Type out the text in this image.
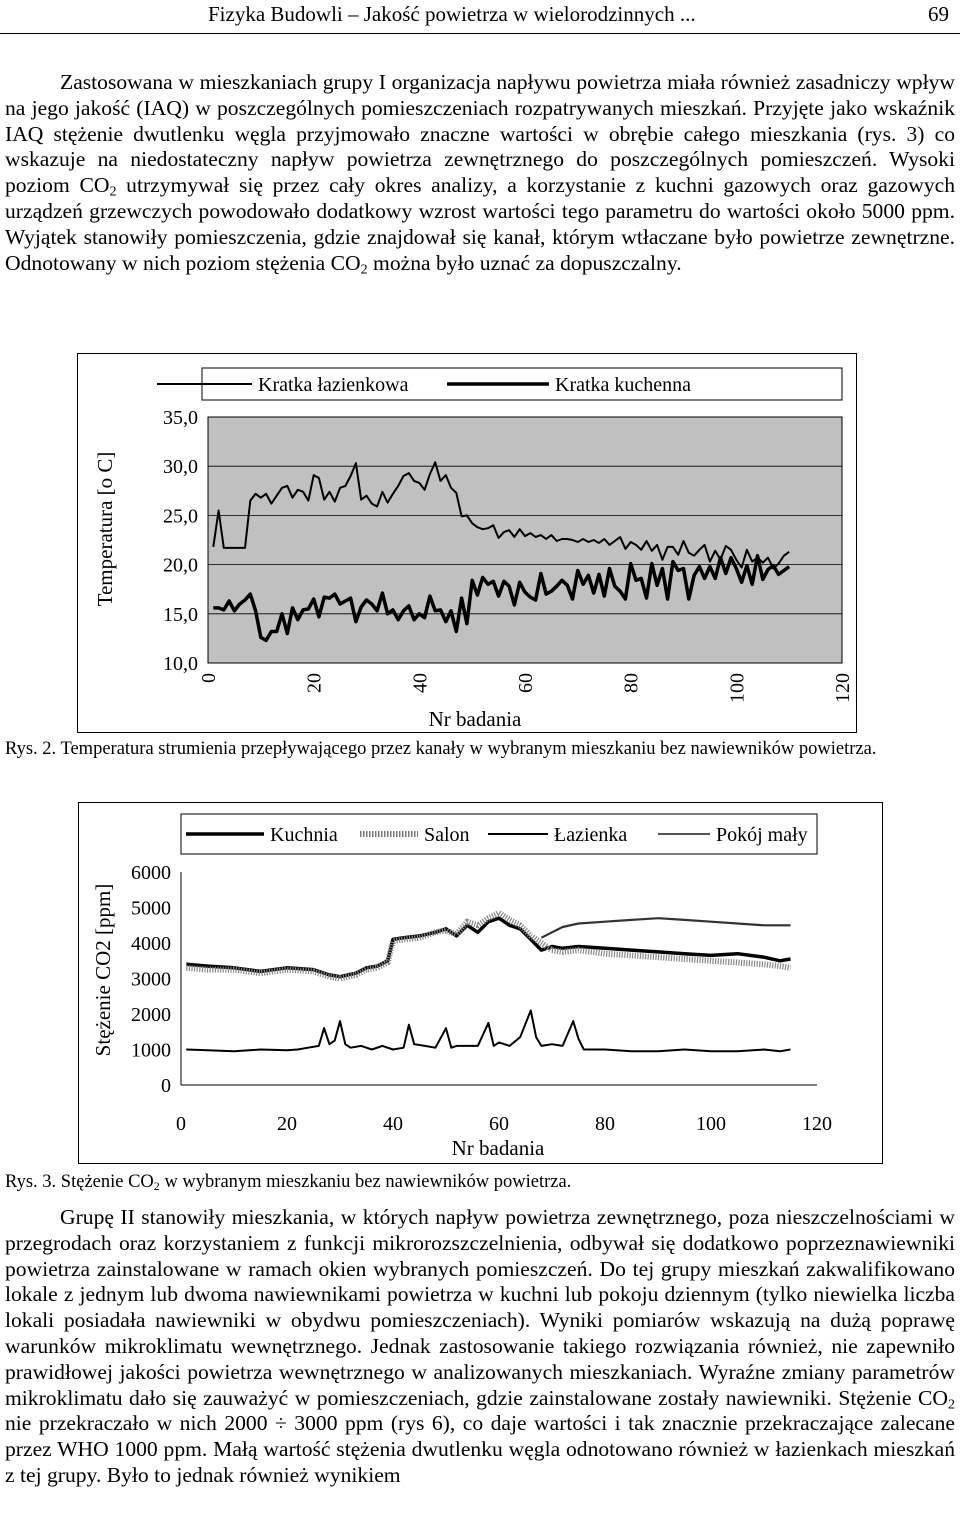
Fizyka Budowli – Jakość powietrza w wielorodzinnych ...	69

Zastosowana w mieszkaniach grupy I organizacja napływu powietrza miała również zasadniczy wpływ na jego jakość (IAQ) w poszczególnych pomieszczeniach rozpatrywanych mieszkań. Przyjęte jako wskaźnik IAQ stężenie dwutlenku węgla przyjmowało znaczne wartości w obrębie całego mieszkania (rys. 3) co wskazuje na niedostateczny napływ powietrza zewnętrznego do poszczególnych pomieszczeń. Wysoki poziom $CO_2$ utrzymywał się przez cały okres analizy, a korzystanie z kuchni gazowych oraz gazowych urządzeń grzewczych powodowało dodatkowy wzrost wartości tego parametru do wartości około 5000 ppm. Wyjątek stanowiły pomieszczenia, gdzie znajdował się kanał, którym wtłaczane było powietrze zewnętrzne. Odnotowany w nich poziom stężenia $CO_2$ można było uznać za dopuszczalny.

Kratka łazienkowa	Kratka kuchenna
10,0
15,0
20,0
25,0
30,0
35,0
0	20	40	60	80	100	120
Nr badania
Temperatura [o C]

Rys. 2. Temperatura strumienia przepływającego przez kanały w wybranym mieszkaniu bez nawiewników powietrza.

Kuchnia	Salon	Łazienka	Pokój mały
0
1000
2000
3000
4000
5000
6000
0	20	40	60	80	100	120
Nr badania
Stężenie CO2 [ppm]

Rys. 3. Stężenie $CO_2$ w wybranym mieszkaniu bez nawiewników powietrza.

Grupę II stanowiły mieszkania, w których napływ powietrza zewnętrznego, poza nieszczelnościami w przegrodach oraz korzystaniem z funkcji mikrorozszczelnienia, odbywał się dodatkowo poprzeznawiewniki powietrza zainstalowane w ramach okien wybranych pomieszczeń. Do tej grupy mieszkań zakwalifikowano lokale z jednym lub dwoma nawiewnikami powietrza w kuchni lub pokoju dziennym (tylko niewielka liczba lokali posiadała nawiewniki w obydwu pomieszczeniach). Wyniki pomiarów wskazują na dużą poprawę warunków mikroklimatu wewnętrznego. Jednak zastosowanie takiego rozwiązania również, nie zapewniło prawidłowej jakości powietrza wewnętrznego w analizowanych mieszkaniach. Wyraźne zmiany parametrów mikroklimatu dało się zauważyć w pomieszczeniach, gdzie zainstalowane zostały nawiewniki. Stężenie $CO_2$ nie przekraczało w nich 2000 ÷ 3000 ppm (rys 6), co daje wartości i tak znacznie przekraczające zalecane przez WHO 1000 ppm. Małą wartość stężenia dwutlenku węgla odnotowano również w łazienkach mieszkań z tej grupy. Było to jednak również wynikiem
